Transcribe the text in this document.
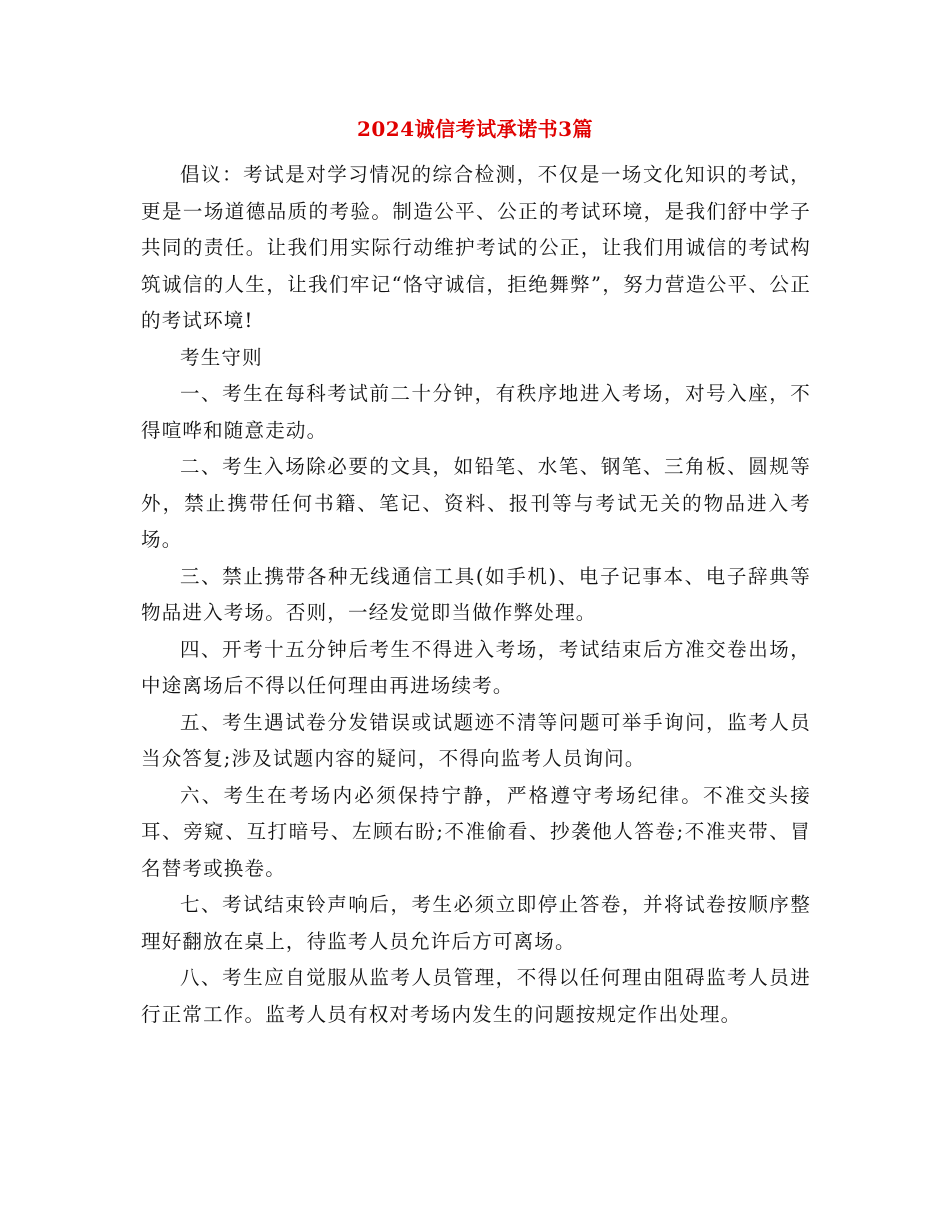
2024诚信考试承诺书3篇

倡议：考试是对学习情况的综合检测，不仅是一场文化知识的考试，更是一场道德品质的考验。制造公平、公正的考试环境，是我们舒中学子共同的责任。让我们用实际行动维护考试的公正，让我们用诚信的考试构筑诚信的人生，让我们牢记“恪守诚信，拒绝舞弊”，努力营造公平、公正的考试环境!

考生守则

一、考生在每科考试前二十分钟，有秩序地进入考场，对号入座，不得喧哗和随意走动。

二、考生入场除必要的文具，如铅笔、水笔、钢笔、三角板、圆规等外，禁止携带任何书籍、笔记、资料、报刊等与考试无关的物品进入考场。

三、禁止携带各种无线通信工具(如手机)、电子记事本、电子辞典等物品进入考场。否则，一经发觉即当做作弊处理。

四、开考十五分钟后考生不得进入考场，考试结束后方准交卷出场，中途离场后不得以任何理由再进场续考。

五、考生遇试卷分发错误或试题迹不清等问题可举手询问，监考人员当众答复;涉及试题内容的疑问，不得向监考人员询问。

六、考生在考场内必须保持宁静，严格遵守考场纪律。不准交头接耳、旁窥、互打暗号、左顾右盼;不准偷看、抄袭他人答卷;不准夹带、冒名替考或换卷。

七、考试结束铃声响后，考生必须立即停止答卷，并将试卷按顺序整理好翻放在桌上，待监考人员允许后方可离场。

八、考生应自觉服从监考人员管理，不得以任何理由阻碍监考人员进行正常工作。监考人员有权对考场内发生的问题按规定作出处理。
